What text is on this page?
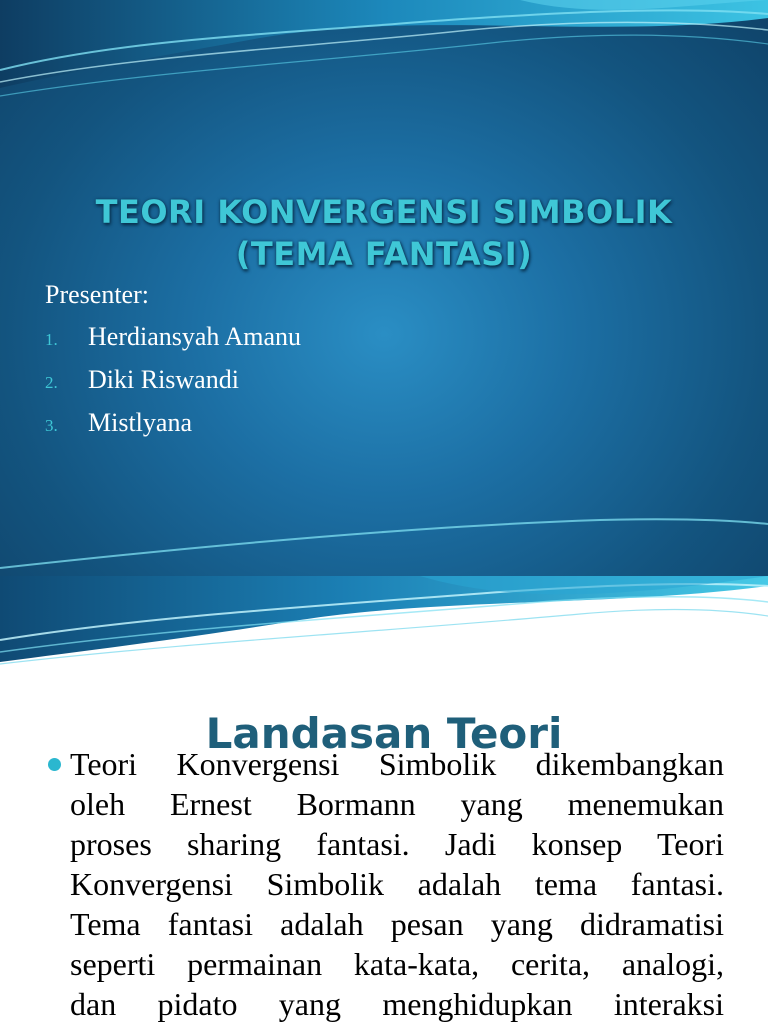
TEORI KONVERGENSI SIMBOLIK
(TEMA FANTASI)
Presenter:
1.	Herdiansyah Amanu
2.	Diki Riswandi
3.	Mistlyana
Landasan Teori
Teori Konvergensi Simbolik dikembangkan
oleh Ernest Bormann yang menemukan
proses sharing fantasi. Jadi konsep Teori
Konvergensi Simbolik adalah tema fantasi.
Tema fantasi adalah pesan yang didramatisi
seperti permainan kata-kata, cerita, analogi,
dan pidato yang menghidupkan interaksi
